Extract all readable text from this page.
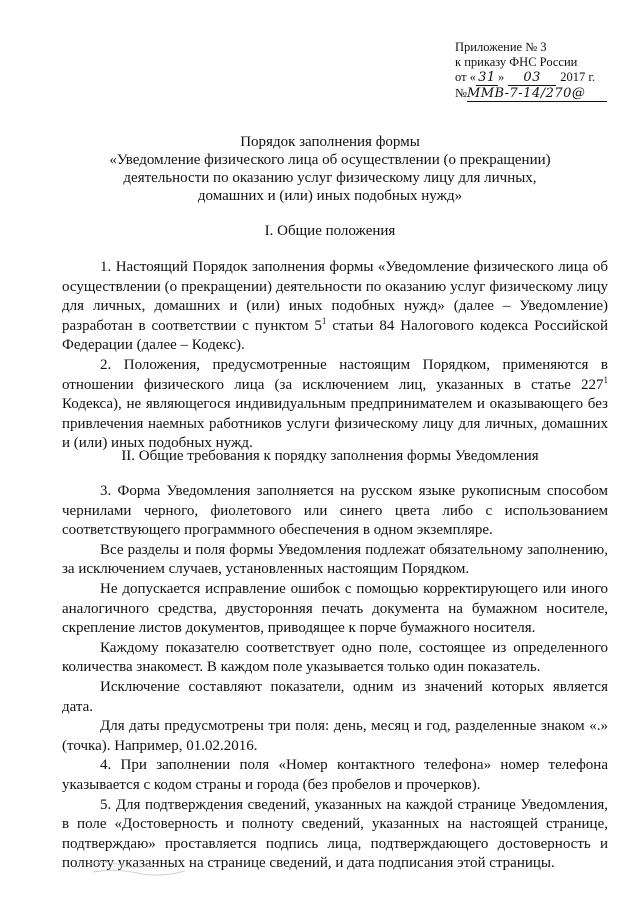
Приложение № 3
к приказу ФНС России
от « 31 » 03 2017 г.
№ММВ-7-14/270@
Порядок заполнения формы
«Уведомление физического лица об осуществлении (о прекращении)
деятельности по оказанию услуг физическому лицу для личных,
домашних и (или) иных подобных нужд»
I. Общие положения

1. Настоящий Порядок заполнения формы «Уведомление физического лица об осуществлении (о прекращении) деятельности по оказанию услуг физическому лицу для личных, домашних и (или) иных подобных нужд» (далее – Уведомление) разработан в соответствии с пунктом $5^1$ статьи 84 Налогового кодекса Российской Федерации (далее – Кодекс).

2. Положения, предусмотренные настоящим Порядком, применяются в отношении физического лица (за исключением лиц, указанных в статье $227^1$ Кодекса), не являющегося индивидуальным предпринимателем и оказывающего без привлечения наемных работников услуги физическому лицу для личных, домашних и (или) иных подобных нужд.

II. Общие требования к порядку заполнения формы Уведомления

3. Форма Уведомления заполняется на русском языке рукописным способом чернилами черного, фиолетового или синего цвета либо с использованием соответствующего программного обеспечения в одном экземпляре.

Все разделы и поля формы Уведомления подлежат обязательному заполнению, за исключением случаев, установленных настоящим Порядком.

Не допускается исправление ошибок с помощью корректирующего или иного аналогичного средства, двусторонняя печать документа на бумажном носителе, скрепление листов документов, приводящее к порче бумажного носителя.

Каждому показателю соответствует одно поле, состоящее из определенного количества знакомест. В каждом поле указывается только один показатель.

Исключение составляют показатели, одним из значений которых является дата.

Для даты предусмотрены три поля: день, месяц и год, разделенные знаком «.» (точка). Например, 01.02.2016.

4. При заполнении поля «Номер контактного телефона» номер телефона указывается с кодом страны и города (без пробелов и прочерков).

5. Для подтверждения сведений, указанных на каждой странице Уведомления, в поле «Достоверность и полноту сведений, указанных на настоящей странице, подтверждаю» проставляется подпись лица, подтверждающего достоверность и полноту указанных на странице сведений, и дата подписания этой страницы.
